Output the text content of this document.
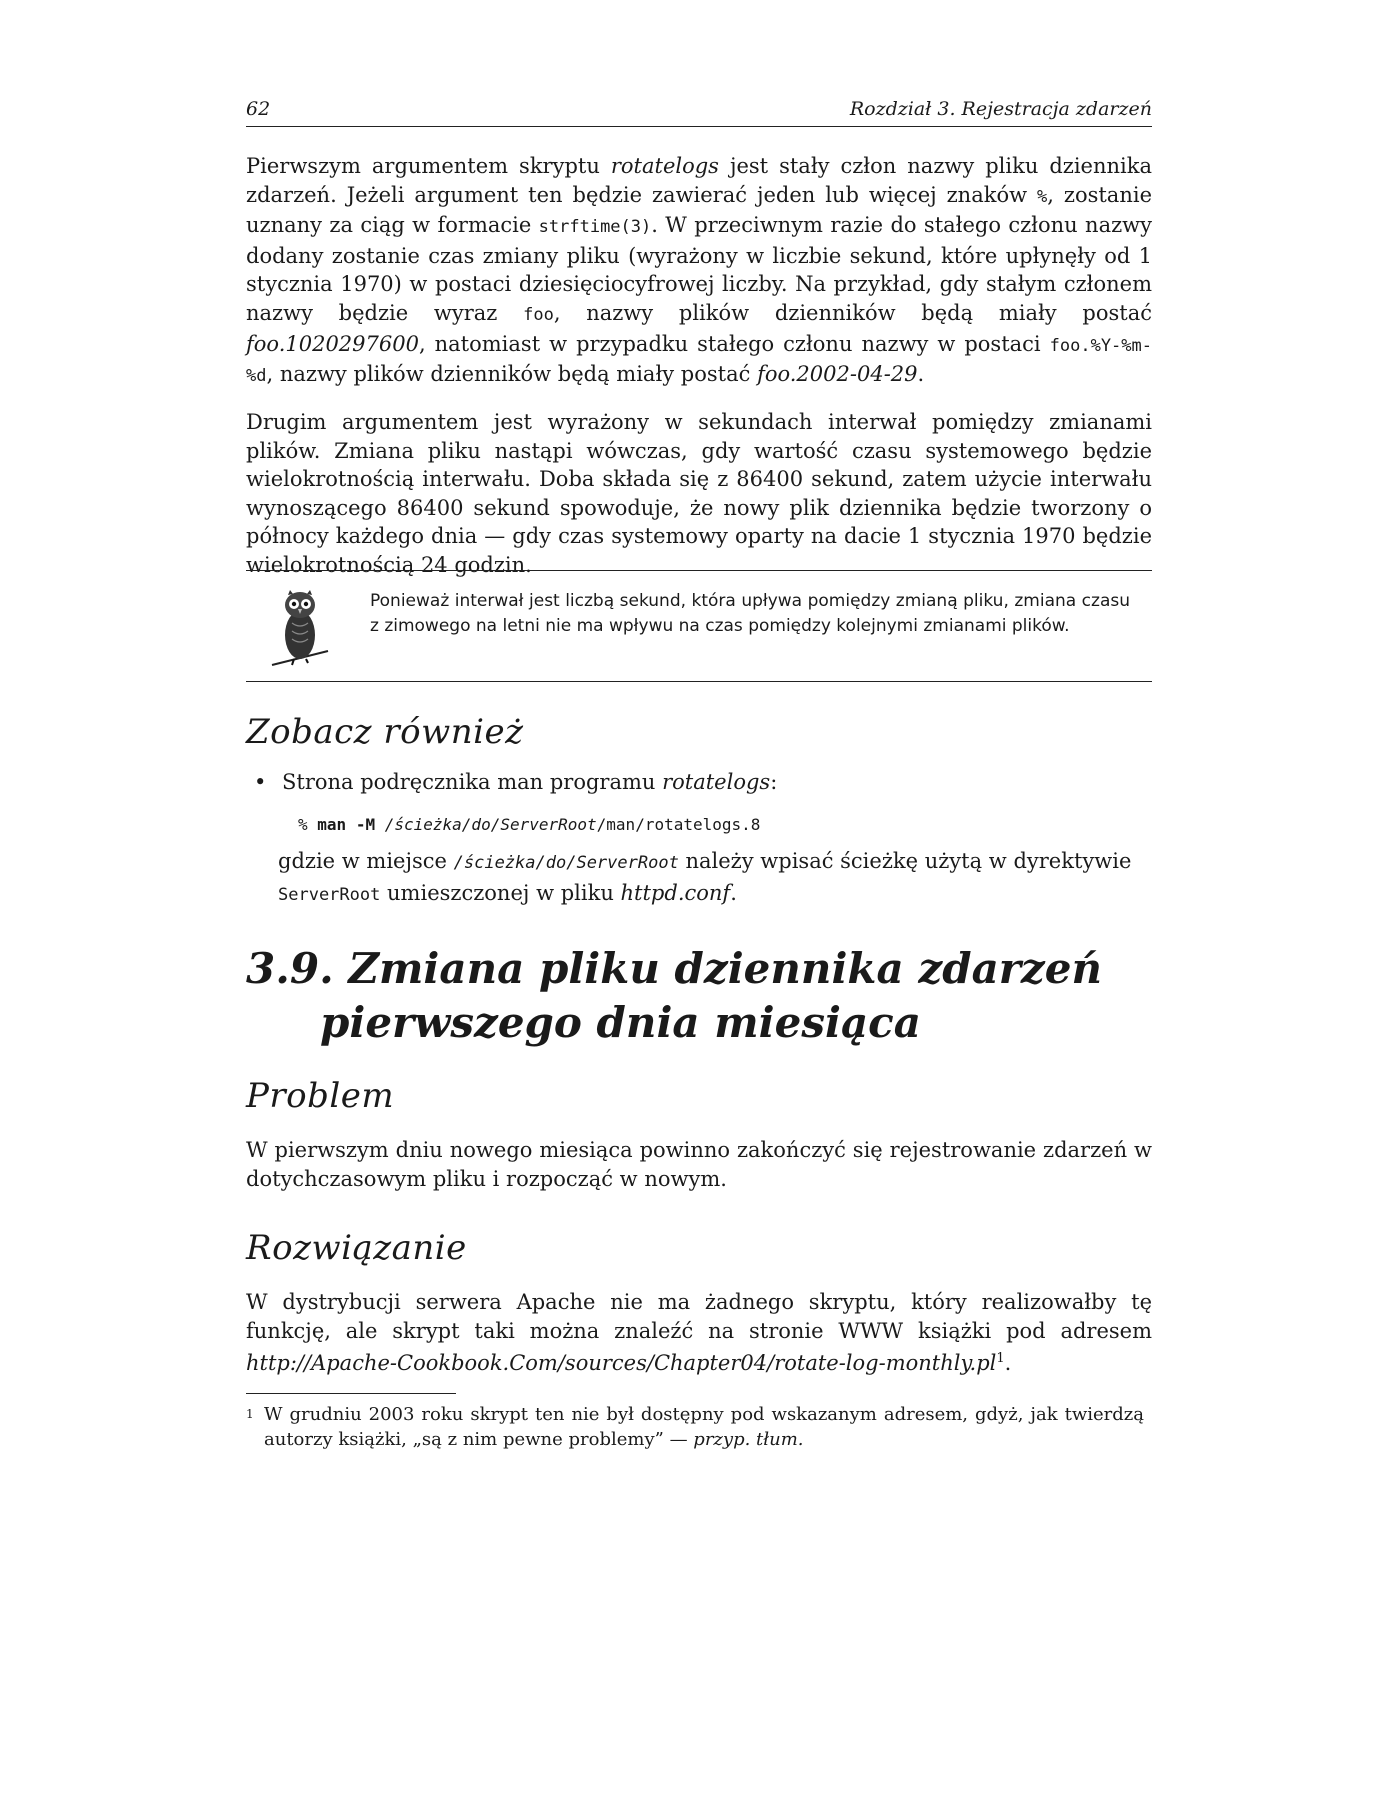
62	Rozdział 3. Rejestracja zdarzeń

Pierwszym argumentem skryptu rotatelogs jest stały człon nazwy pliku dziennika zdarzeń. Jeżeli argument ten będzie zawierać jeden lub więcej znaków %, zostanie uznany za ciąg w formacie strftime(3). W przeciwnym razie do stałego członu nazwy dodany zostanie czas zmiany pliku (wyrażony w liczbie sekund, które upłynęły od 1 stycznia 1970) w postaci dziesięciocyfrowej liczby. Na przykład, gdy stałym członem nazwy będzie wyraz foo, nazwy plików dzienników będą miały postać foo.1020297600, natomiast w przypadku stałego członu nazwy w postaci foo.%Y-%m-%d, nazwy plików dzienników będą miały postać foo.2002-04-29.

Drugim argumentem jest wyrażony w sekundach interwał pomiędzy zmianami plików. Zmiana pliku nastąpi wówczas, gdy wartość czasu systemowego będzie wielokrotnością interwału. Doba składa się z 86400 sekund, zatem użycie interwału wynoszącego 86400 sekund spowoduje, że nowy plik dziennika będzie tworzony o północy każdego dnia — gdy czas systemowy oparty na dacie 1 stycznia 1970 będzie wielokrotnością 24 godzin.

Ponieważ interwał jest liczbą sekund, która upływa pomiędzy zmianą pliku, zmiana czasu z zimowego na letni nie ma wpływu na czas pomiędzy kolejnymi zmianami plików.
Zobacz również
• Strona podręcznika man programu rotatelogs:
% man -M /ścieżka/do/ServerRoot/man/rotatelogs.8

gdzie w miejsce /ścieżka/do/ServerRoot należy wpisać ścieżkę użytą w dyrektywie ServerRoot umieszczonej w pliku httpd.conf.

3.9. Zmiana pliku dziennika zdarzeń
pierwszego dnia miesiąca
Problem

W pierwszym dniu nowego miesiąca powinno zakończyć się rejestrowanie zdarzeń w dotychczasowym pliku i rozpocząć w nowym.

Rozwiązanie

W dystrybucji serwera Apache nie ma żadnego skryptu, który realizowałby tę funkcję, ale skrypt taki można znaleźć na stronie WWW książki pod adresem $http://Apache-Cookbook.Com/sources/Chapter04/rotate-\log-monthly.pl^1$.

$^1$ W grudniu 2003 roku skrypt ten nie był dostępny pod wskazanym adresem, gdyż, jak twierdzą autorzy książki, „są z nim pewne problemy” — przyp. tłum.
